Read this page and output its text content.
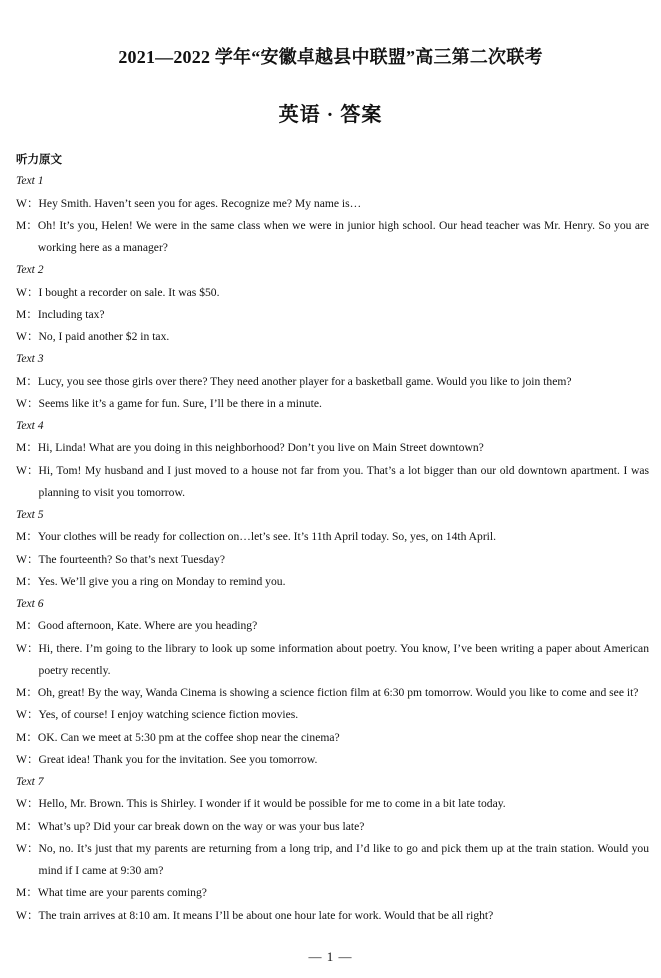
2021—2022 学年“安徽卓越县中联盟”高三第二次联考
英语 · 答案
听力原文
Text 1
W： Hey Smith. Haven’t seen you for ages. Recognize me? My name is…
M： Oh! It’s you, Helen! We were in the same class when we were in junior high school. Our head teacher was Mr. Henry. So you are working here as a manager?
Text 2
W： I bought a recorder on sale. It was $50.
M： Including tax?
W： No, I paid another $2 in tax.
Text 3
M： Lucy, you see those girls over there? They need another player for a basketball game. Would you like to join them?
W： Seems like it’s a game for fun. Sure, I’ll be there in a minute.
Text 4
M： Hi, Linda! What are you doing in this neighborhood? Don’t you live on Main Street downtown?
W： Hi, Tom! My husband and I just moved to a house not far from you. That’s a lot bigger than our old downtown apartment. I was planning to visit you tomorrow.
Text 5
M： Your clothes will be ready for collection on…let’s see. It’s 11th April today. So, yes, on 14th April.
W： The fourteenth? So that’s next Tuesday?
M： Yes. We’ll give you a ring on Monday to remind you.
Text 6
M： Good afternoon, Kate. Where are you heading?
W： Hi, there. I’m going to the library to look up some information about poetry. You know, I’ve been writing a paper about American poetry recently.
M： Oh, great! By the way, Wanda Cinema is showing a science fiction film at 6:30 pm tomorrow. Would you like to come and see it?
W： Yes, of course! I enjoy watching science fiction movies.
M： OK. Can we meet at 5:30 pm at the coffee shop near the cinema?
W： Great idea! Thank you for the invitation. See you tomorrow.
Text 7
W： Hello, Mr. Brown. This is Shirley. I wonder if it would be possible for me to come in a bit late today.
M： What’s up? Did your car break down on the way or was your bus late?
W： No, no. It’s just that my parents are returning from a long trip, and I’d like to go and pick them up at the train station. Would you mind if I came at 9:30 am?
M： What time are your parents coming?
W： The train arrives at 8:10 am. It means I’ll be about one hour late for work. Would that be all right?
— 1 —
